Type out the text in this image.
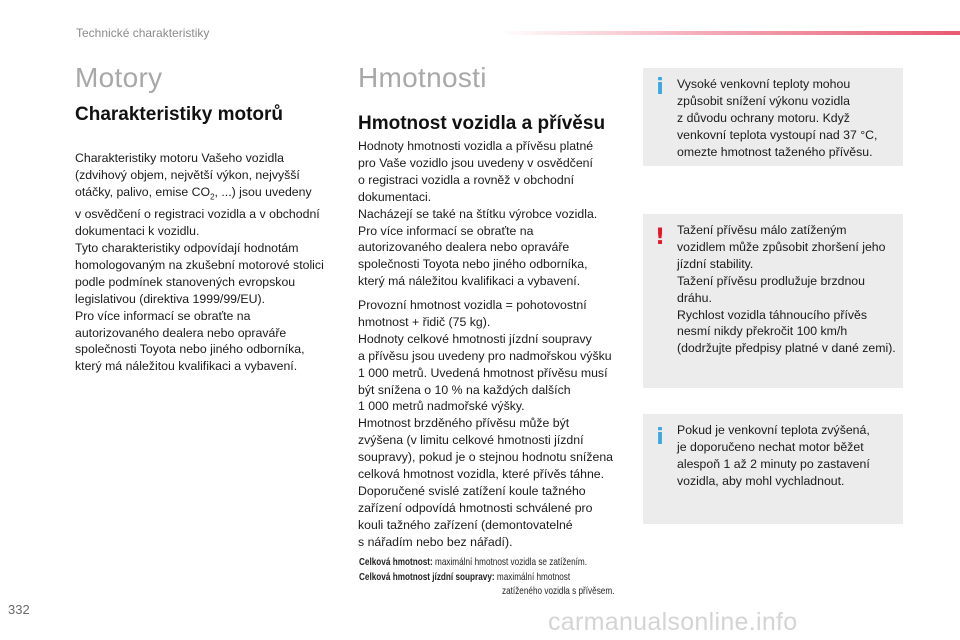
Technické charakteristiky
Motory
Charakteristiky motorů
Charakteristiky motoru Vašeho vozidla
(zdvihový objem, největší výkon, nejvyšší
otáčky, palivo, emise $CO_2$, ...) jsou uvedeny
v osvědčení o registraci vozidla a v obchodní
dokumentaci k vozidlu.
Tyto charakteristiky odpovídají hodnotám
homologovaným na zkušební motorové stolici
podle podmínek stanovených evropskou
legislativou (direktiva 1999/99/EU).
Pro více informací se obraťte na
autorizovaného dealera nebo opraváře
společnosti Toyota nebo jiného odborníka,
který má náležitou kvalifikaci a vybavení.
Hmotnosti
Hmotnost vozidla a přívěsu
Hodnoty hmotnosti vozidla a přívěsu platné
pro Vaše vozidlo jsou uvedeny v osvědčení
o registraci vozidla a rovněž v obchodní
dokumentaci.
Nacházejí se také na štítku výrobce vozidla.
Pro více informací se obraťte na
autorizovaného dealera nebo opraváře
společnosti Toyota nebo jiného odborníka,
který má náležitou kvalifikaci a vybavení.
Provozní hmotnost vozidla = pohotovostní
hmotnost + řidič (75 kg).
Hodnoty celkové hmotnosti jízdní soupravy
a přívěsu jsou uvedeny pro nadmořskou výšku
1 000 metrů. Uvedená hmotnost přívěsu musí
být snížena o 10 % na každých dalších
1 000 metrů nadmořské výšky.
Hmotnost brzděného přívěsu může být
zvýšena (v limitu celkové hmotnosti jízdní
soupravy), pokud je o stejnou hodnotu snížena
celková hmotnost vozidla, které přívěs táhne.
Doporučené svislé zatížení koule tažného
zařízení odpovídá hmotnosti schválené pro
kouli tažného zařízení (demontovatelné
s nářadím nebo bez nářadí).
Celková hmotnost: maximální hmotnost vozidla se zatížením.
Celková hmotnost jízdní soupravy: maximální hmotnost
zatíženého vozidla s přívěsem.
i Vysoké venkovní teploty mohou
způsobit snížení výkonu vozidla
z důvodu ochrany motoru. Když
venkovní teplota vystoupí nad 37 °C,
omezte hmotnost taženého přívěsu.
! Tažení přívěsu málo zatíženým
vozidlem může způsobit zhoršení jeho
jízdní stability.
Tažení přívěsu prodlužuje brzdnou
dráhu.
Rychlost vozidla táhnoucího přívěs
nesmí nikdy překročit 100 km/h
(dodržujte předpisy platné v dané zemi).
i Pokud je venkovní teplota zvýšená,
je doporučeno nechat motor běžet
alespoň 1 až 2 minuty po zastavení
vozidla, aby mohl vychladnout.
332	carmanualsonline.info
